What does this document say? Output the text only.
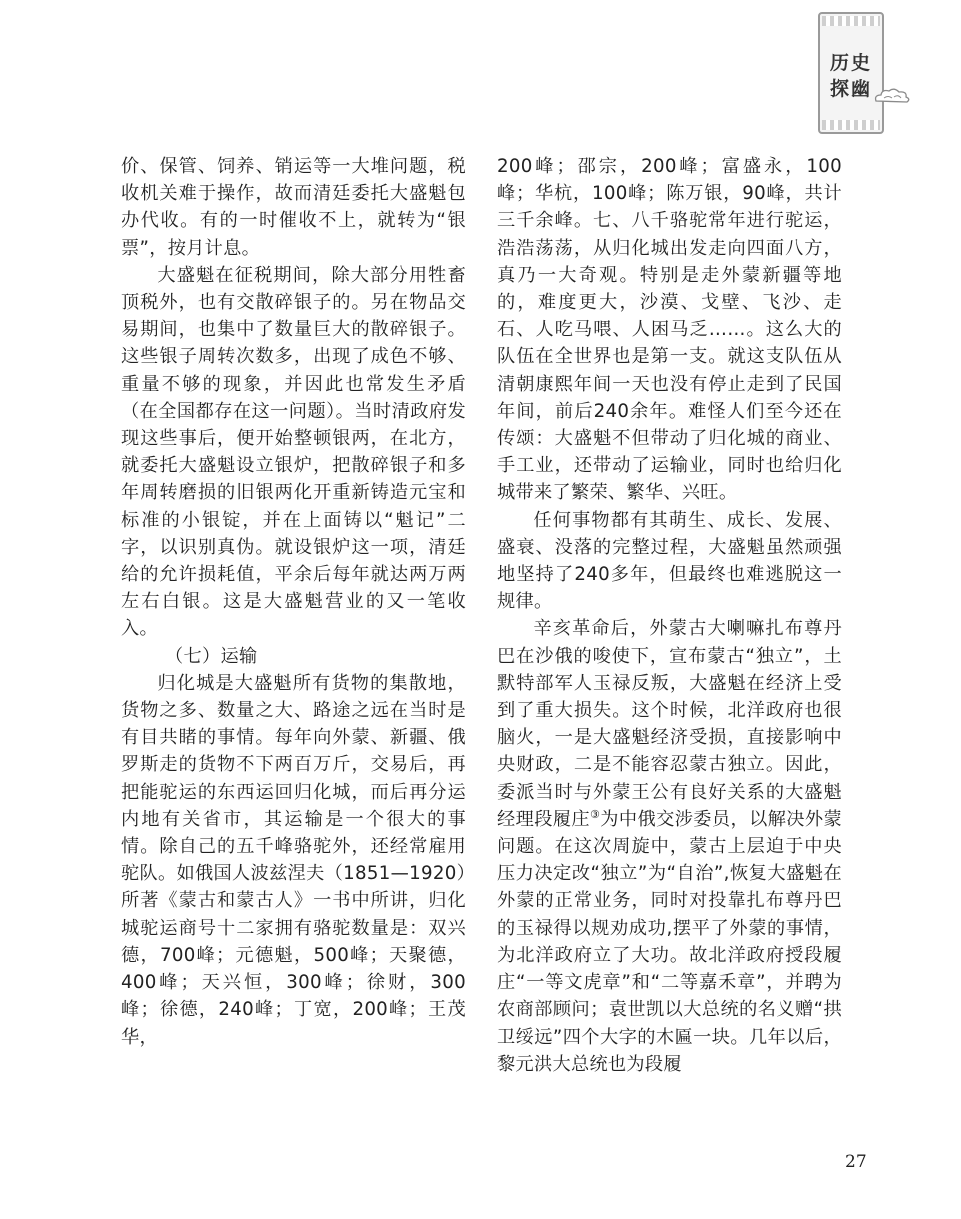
历史
探幽

价、保管、饲养、销运等一大堆问题，税收机关难于操作，故而清廷委托大盛魁包办代收。有的一时催收不上，就转为“银票”，按月计息。

大盛魁在征税期间，除大部分用牲畜顶税外，也有交散碎银子的。另在物品交易期间，也集中了数量巨大的散碎银子。这些银子周转次数多，出现了成色不够、重量不够的现象，并因此也常发生矛盾（在全国都存在这一问题）。当时清政府发现这些事后，便开始整顿银两，在北方，就委托大盛魁设立银炉，把散碎银子和多年周转磨损的旧银两化开重新铸造元宝和标准的小银锭，并在上面铸以“魁记”二字，以识别真伪。就设银炉这一项，清廷给的允许损耗值，平余后每年就达两万两左右白银。这是大盛魁营业的又一笔收入。

（七）运输

归化城是大盛魁所有货物的集散地，货物之多、数量之大、路途之远在当时是有目共睹的事情。每年向外蒙、新疆、俄罗斯走的货物不下两百万斤，交易后，再把能驼运的东西运回归化城，而后再分运内地有关省市，其运输是一个很大的事情。除自己的五千峰骆驼外，还经常雇用驼队。如俄国人波兹涅夫（1851—1920）所著《蒙古和蒙古人》一书中所讲，归化城驼运商号十二家拥有骆驼数量是：双兴德，700峰；元德魁，500峰；天聚德，400峰；天兴恒，300峰；徐财，300峰；徐德，240峰；丁宽，200峰；王茂华，

200峰；邵宗，200峰；富盛永，100峰；华杭，100峰；陈万银，90峰，共计三千余峰。七、八千骆驼常年进行驼运，浩浩荡荡，从归化城出发走向四面八方，真乃一大奇观。特别是走外蒙新疆等地的，难度更大，沙漠、戈壁、飞沙、走石、人吃马喂、人困马乏……。这么大的队伍在全世界也是第一支。就这支队伍从清朝康熙年间一天也没有停止走到了民国年间，前后240余年。难怪人们至今还在传颂：大盛魁不但带动了归化城的商业、手工业，还带动了运输业，同时也给归化城带来了繁荣、繁华、兴旺。

任何事物都有其萌生、成长、发展、盛衰、没落的完整过程，大盛魁虽然顽强地坚持了240多年，但最终也难逃脱这一规律。

辛亥革命后，外蒙古大喇嘛扎布尊丹巴在沙俄的唆使下，宣布蒙古“独立”，土默特部军人玉禄反叛，大盛魁在经济上受到了重大损失。这个时候，北洋政府也很脑火，一是大盛魁经济受损，直接影响中央财政，二是不能容忍蒙古独立。因此，委派当时与外蒙王公有良好关系的大盛魁经理段履庄③为中俄交涉委员，以解决外蒙问题。在这次周旋中，蒙古上层迫于中央压力决定改“独立”为“自治”,恢复大盛魁在外蒙的正常业务，同时对投靠扎布尊丹巴的玉禄得以规劝成功,摆平了外蒙的事情，为北洋政府立了大功。故北洋政府授段履庄“一等文虎章”和“二等嘉禾章”，并聘为农商部顾问；袁世凯以大总统的名义赠“拱卫绥远”四个大字的木匾一块。几年以后，黎元洪大总统也为段履

27
